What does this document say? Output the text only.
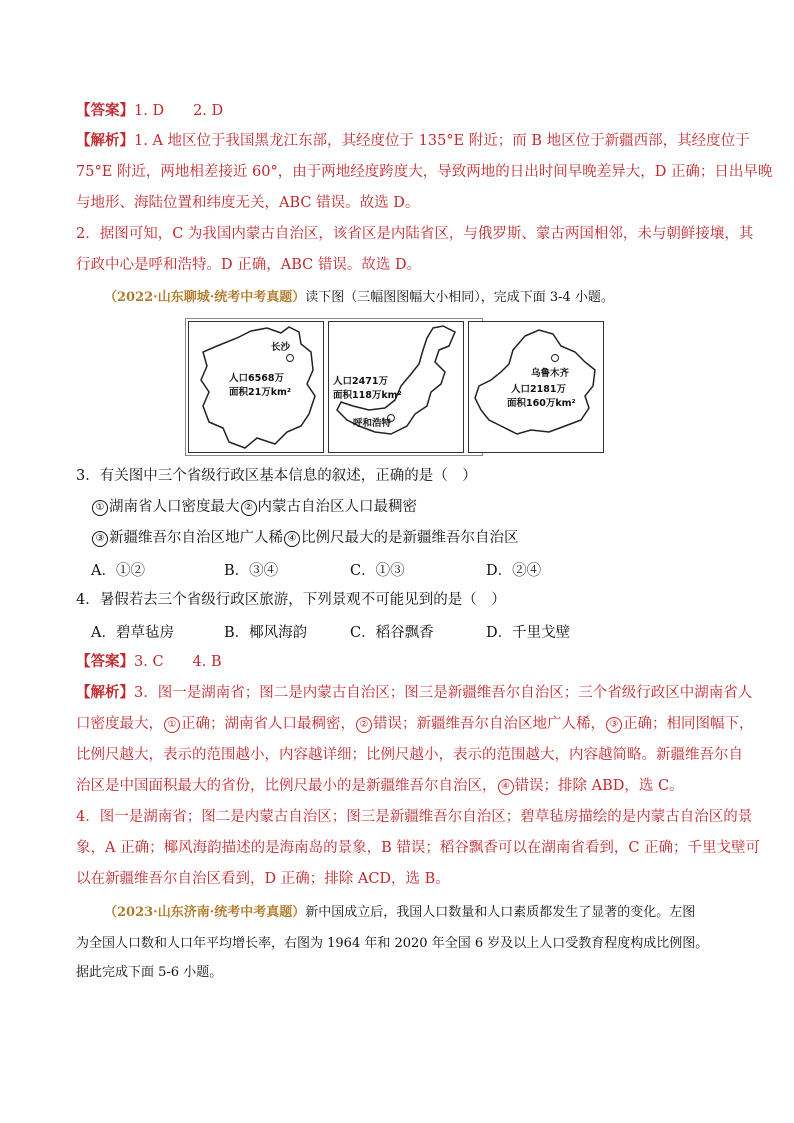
【答案】1. D　　2. D
【解析】1. A 地区位于我国黑龙江东部，其经度位于 135°E 附近；而 B 地区位于新疆西部，其经度位于
75°E 附近，两地相差接近 60°，由于两地经度跨度大，导致两地的日出时间早晚差异大，D 正确；日出早晚
与地形、海陆位置和纬度无关，ABC 错误。故选 D。
2．据图可知，C 为我国内蒙古自治区，该省区是内陆省区，与俄罗斯、蒙古两国相邻，未与朝鲜接壤，其
行政中心是呼和浩特。D 正确，ABC 错误。故选 D。
（2022·山东聊城·统考中考真题）读下图（三幅图图幅大小相同），完成下面 3-4 小题。
长沙
人口6568万
面积21万km²
人口2471万
面积118万km²
呼和浩特
乌鲁木齐
人口2181万
面积160万km²
3．有关图中三个省级行政区基本信息的叙述，正确的是（　）
① 湖南省人口密度最大 ② 内蒙古自治区人口最稠密
③ 新疆维吾尔自治区地广人稀 ④ 比例尺最大的是新疆维吾尔自治区
A．①②	B．③④	C．①③	D．②④
4．暑假若去三个省级行政区旅游，下列景观不可能见到的是（　）
A．碧草毡房	B．椰风海韵	C．稻谷飘香	D．千里戈壁
【答案】3. C　　4. B
【解析】3．图一是湖南省；图二是内蒙古自治区；图三是新疆维吾尔自治区；三个省级行政区中湖南省人
口密度最大， ① 正确；湖南省人口最稠密， ② 错误；新疆维吾尔自治区地广人稀， ③ 正确；相同图幅下，
比例尺越大，表示的范围越小，内容越详细；比例尺越小，表示的范围越大，内容越简略。新疆维吾尔自
治区是中国面积最大的省份，比例尺最小的是新疆维吾尔自治区， ④ 错误；排除 ABD，选 C。
4．图一是湖南省；图二是内蒙古自治区；图三是新疆维吾尔自治区；碧草毡房描绘的是内蒙古自治区的景
象，A 正确；椰风海韵描述的是海南岛的景象，B 错误；稻谷飘香可以在湖南省看到，C 正确；千里戈壁可
以在新疆维吾尔自治区看到，D 正确；排除 ACD，选 B。
（2023·山东济南·统考中考真题）新中国成立后，我国人口数量和人口素质都发生了显著的变化。左图
为全国人口数和人口年平均增长率，右图为 1964 年和 2020 年全国 6 岁及以上人口受教育程度构成比例图。
据此完成下面 5-6 小题。
